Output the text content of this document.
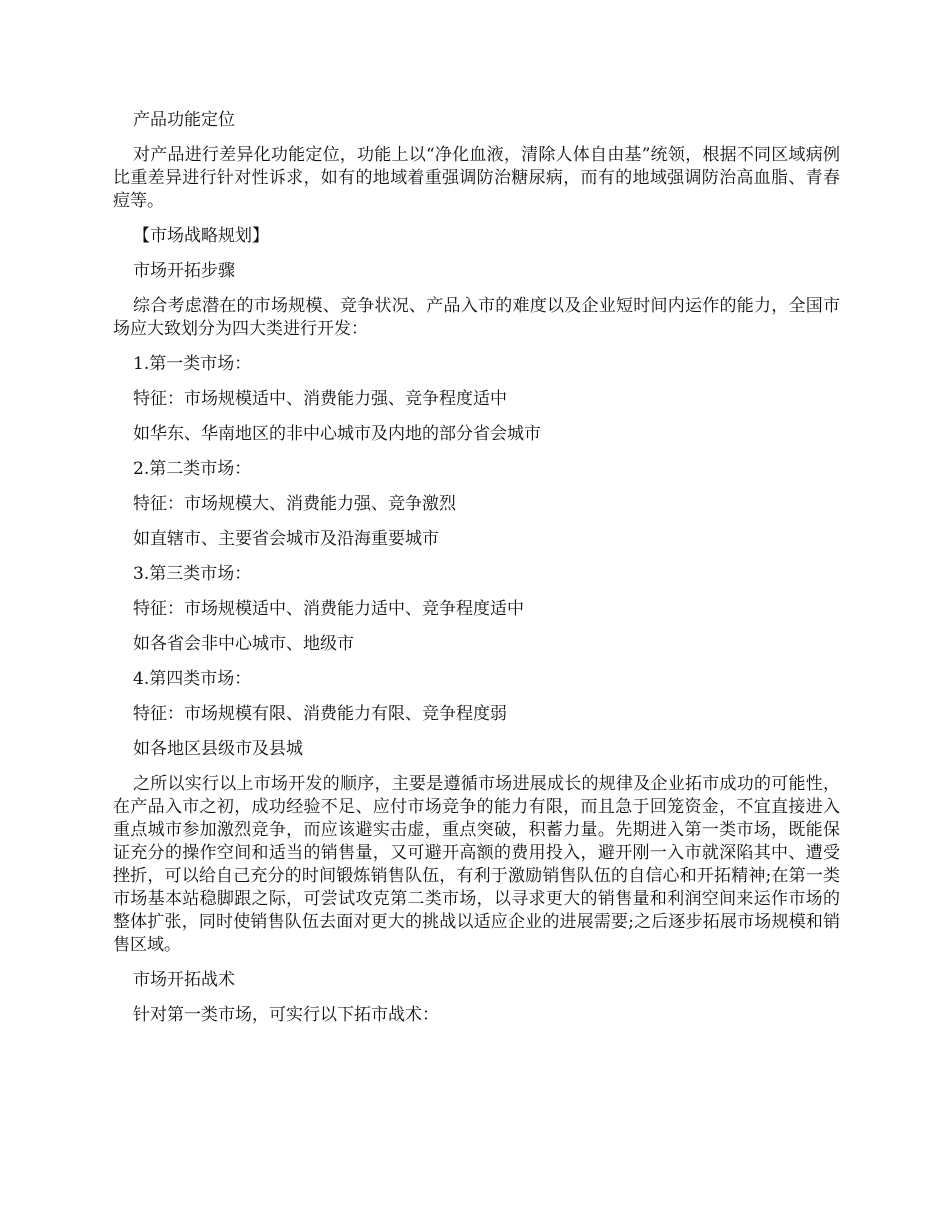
产品功能定位

对产品进行差异化功能定位，功能上以“净化血液，清除人体自由基”统领，根据不同区域病例比重差异进行针对性诉求，如有的地域着重强调防治糖尿病，而有的地域强调防治高血脂、青春痘等。

【市场战略规划】

市场开拓步骤

综合考虑潜在的市场规模、竞争状况、产品入市的难度以及企业短时间内运作的能力，全国市场应大致划分为四大类进行开发：

1.第一类市场：

特征：市场规模适中、消费能力强、竞争程度适中

如华东、华南地区的非中心城市及内地的部分省会城市

2.第二类市场：

特征：市场规模大、消费能力强、竞争激烈

如直辖市、主要省会城市及沿海重要城市

3.第三类市场：

特征：市场规模适中、消费能力适中、竞争程度适中

如各省会非中心城市、地级市

4.第四类市场：

特征：市场规模有限、消费能力有限、竞争程度弱

如各地区县级市及县城

之所以实行以上市场开发的顺序，主要是遵循市场进展成长的规律及企业拓市成功的可能性，在产品入市之初，成功经验不足、应付市场竞争的能力有限，而且急于回笼资金，不宜直接进入重点城市参加激烈竞争，而应该避实击虚，重点突破，积蓄力量。先期进入第一类市场，既能保证充分的操作空间和适当的销售量，又可避开高额的费用投入，避开刚一入市就深陷其中、遭受挫折，可以给自己充分的时间锻炼销售队伍，有利于激励销售队伍的自信心和开拓精神;在第一类市场基本站稳脚跟之际，可尝试攻克第二类市场，以寻求更大的销售量和利润空间来运作市场的整体扩张，同时使销售队伍去面对更大的挑战以适应企业的进展需要;之后逐步拓展市场规模和销售区域。

市场开拓战术

针对第一类市场，可实行以下拓市战术：
